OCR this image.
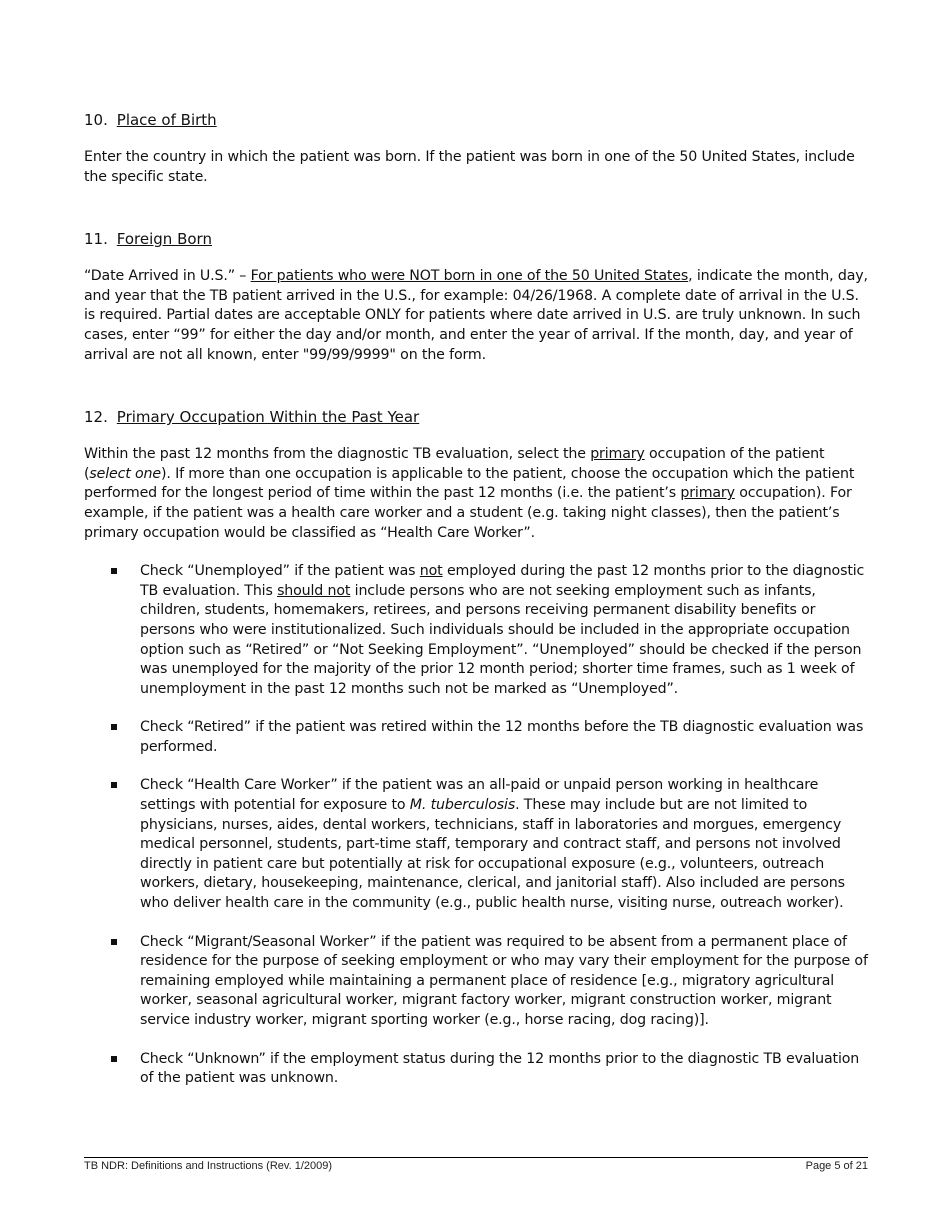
10. Place of Birth

Enter the country in which the patient was born. If the patient was born in one of the 50 United States, include the specific state.

11. Foreign Born

“Date Arrived in U.S.” – For patients who were NOT born in one of the 50 United States, indicate the month, day, and year that the TB patient arrived in the U.S., for example: 04/26/1968. A complete date of arrival in the U.S. is required. Partial dates are acceptable ONLY for patients where date arrived in U.S. are truly unknown. In such cases, enter “99” for either the day and/or month, and enter the year of arrival. If the month, day, and year of arrival are not all known, enter "99/99/9999" on the form.

12. Primary Occupation Within the Past Year

Within the past 12 months from the diagnostic TB evaluation, select the primary occupation of the patient (select one). If more than one occupation is applicable to the patient, choose the occupation which the patient performed for the longest period of time within the past 12 months (i.e. the patient’s primary occupation). For example, if the patient was a health care worker and a student (e.g. taking night classes), then the patient’s primary occupation would be classified as “Health Care Worker”.

Check “Unemployed” if the patient was not employed during the past 12 months prior to the diagnostic TB evaluation. This should not include persons who are not seeking employment such as infants, children, students, homemakers, retirees, and persons receiving permanent disability benefits or persons who were institutionalized. Such individuals should be included in the appropriate occupation option such as “Retired” or “Not Seeking Employment”. “Unemployed” should be checked if the person was unemployed for the majority of the prior 12 month period; shorter time frames, such as 1 week of unemployment in the past 12 months such not be marked as “Unemployed”.

Check “Retired” if the patient was retired within the 12 months before the TB diagnostic evaluation was performed.

Check “Health Care Worker” if the patient was an all-paid or unpaid person working in healthcare settings with potential for exposure to M. tuberculosis. These may include but are not limited to physicians, nurses, aides, dental workers, technicians, staff in laboratories and morgues, emergency medical personnel, students, part-time staff, temporary and contract staff, and persons not involved directly in patient care but potentially at risk for occupational exposure (e.g., volunteers, outreach workers, dietary, housekeeping, maintenance, clerical, and janitorial staff). Also included are persons who deliver health care in the community (e.g., public health nurse, visiting nurse, outreach worker).

Check “Migrant/Seasonal Worker” if the patient was required to be absent from a permanent place of residence for the purpose of seeking employment or who may vary their employment for the purpose of remaining employed while maintaining a permanent place of residence [e.g., migratory agricultural worker, seasonal agricultural worker, migrant factory worker, migrant construction worker, migrant service industry worker, migrant sporting worker (e.g., horse racing, dog racing)].

Check “Unknown” if the employment status during the 12 months prior to the diagnostic TB evaluation of the patient was unknown.

TB NDR: Definitions and Instructions (Rev. 1/2009)	Page 5 of 21
